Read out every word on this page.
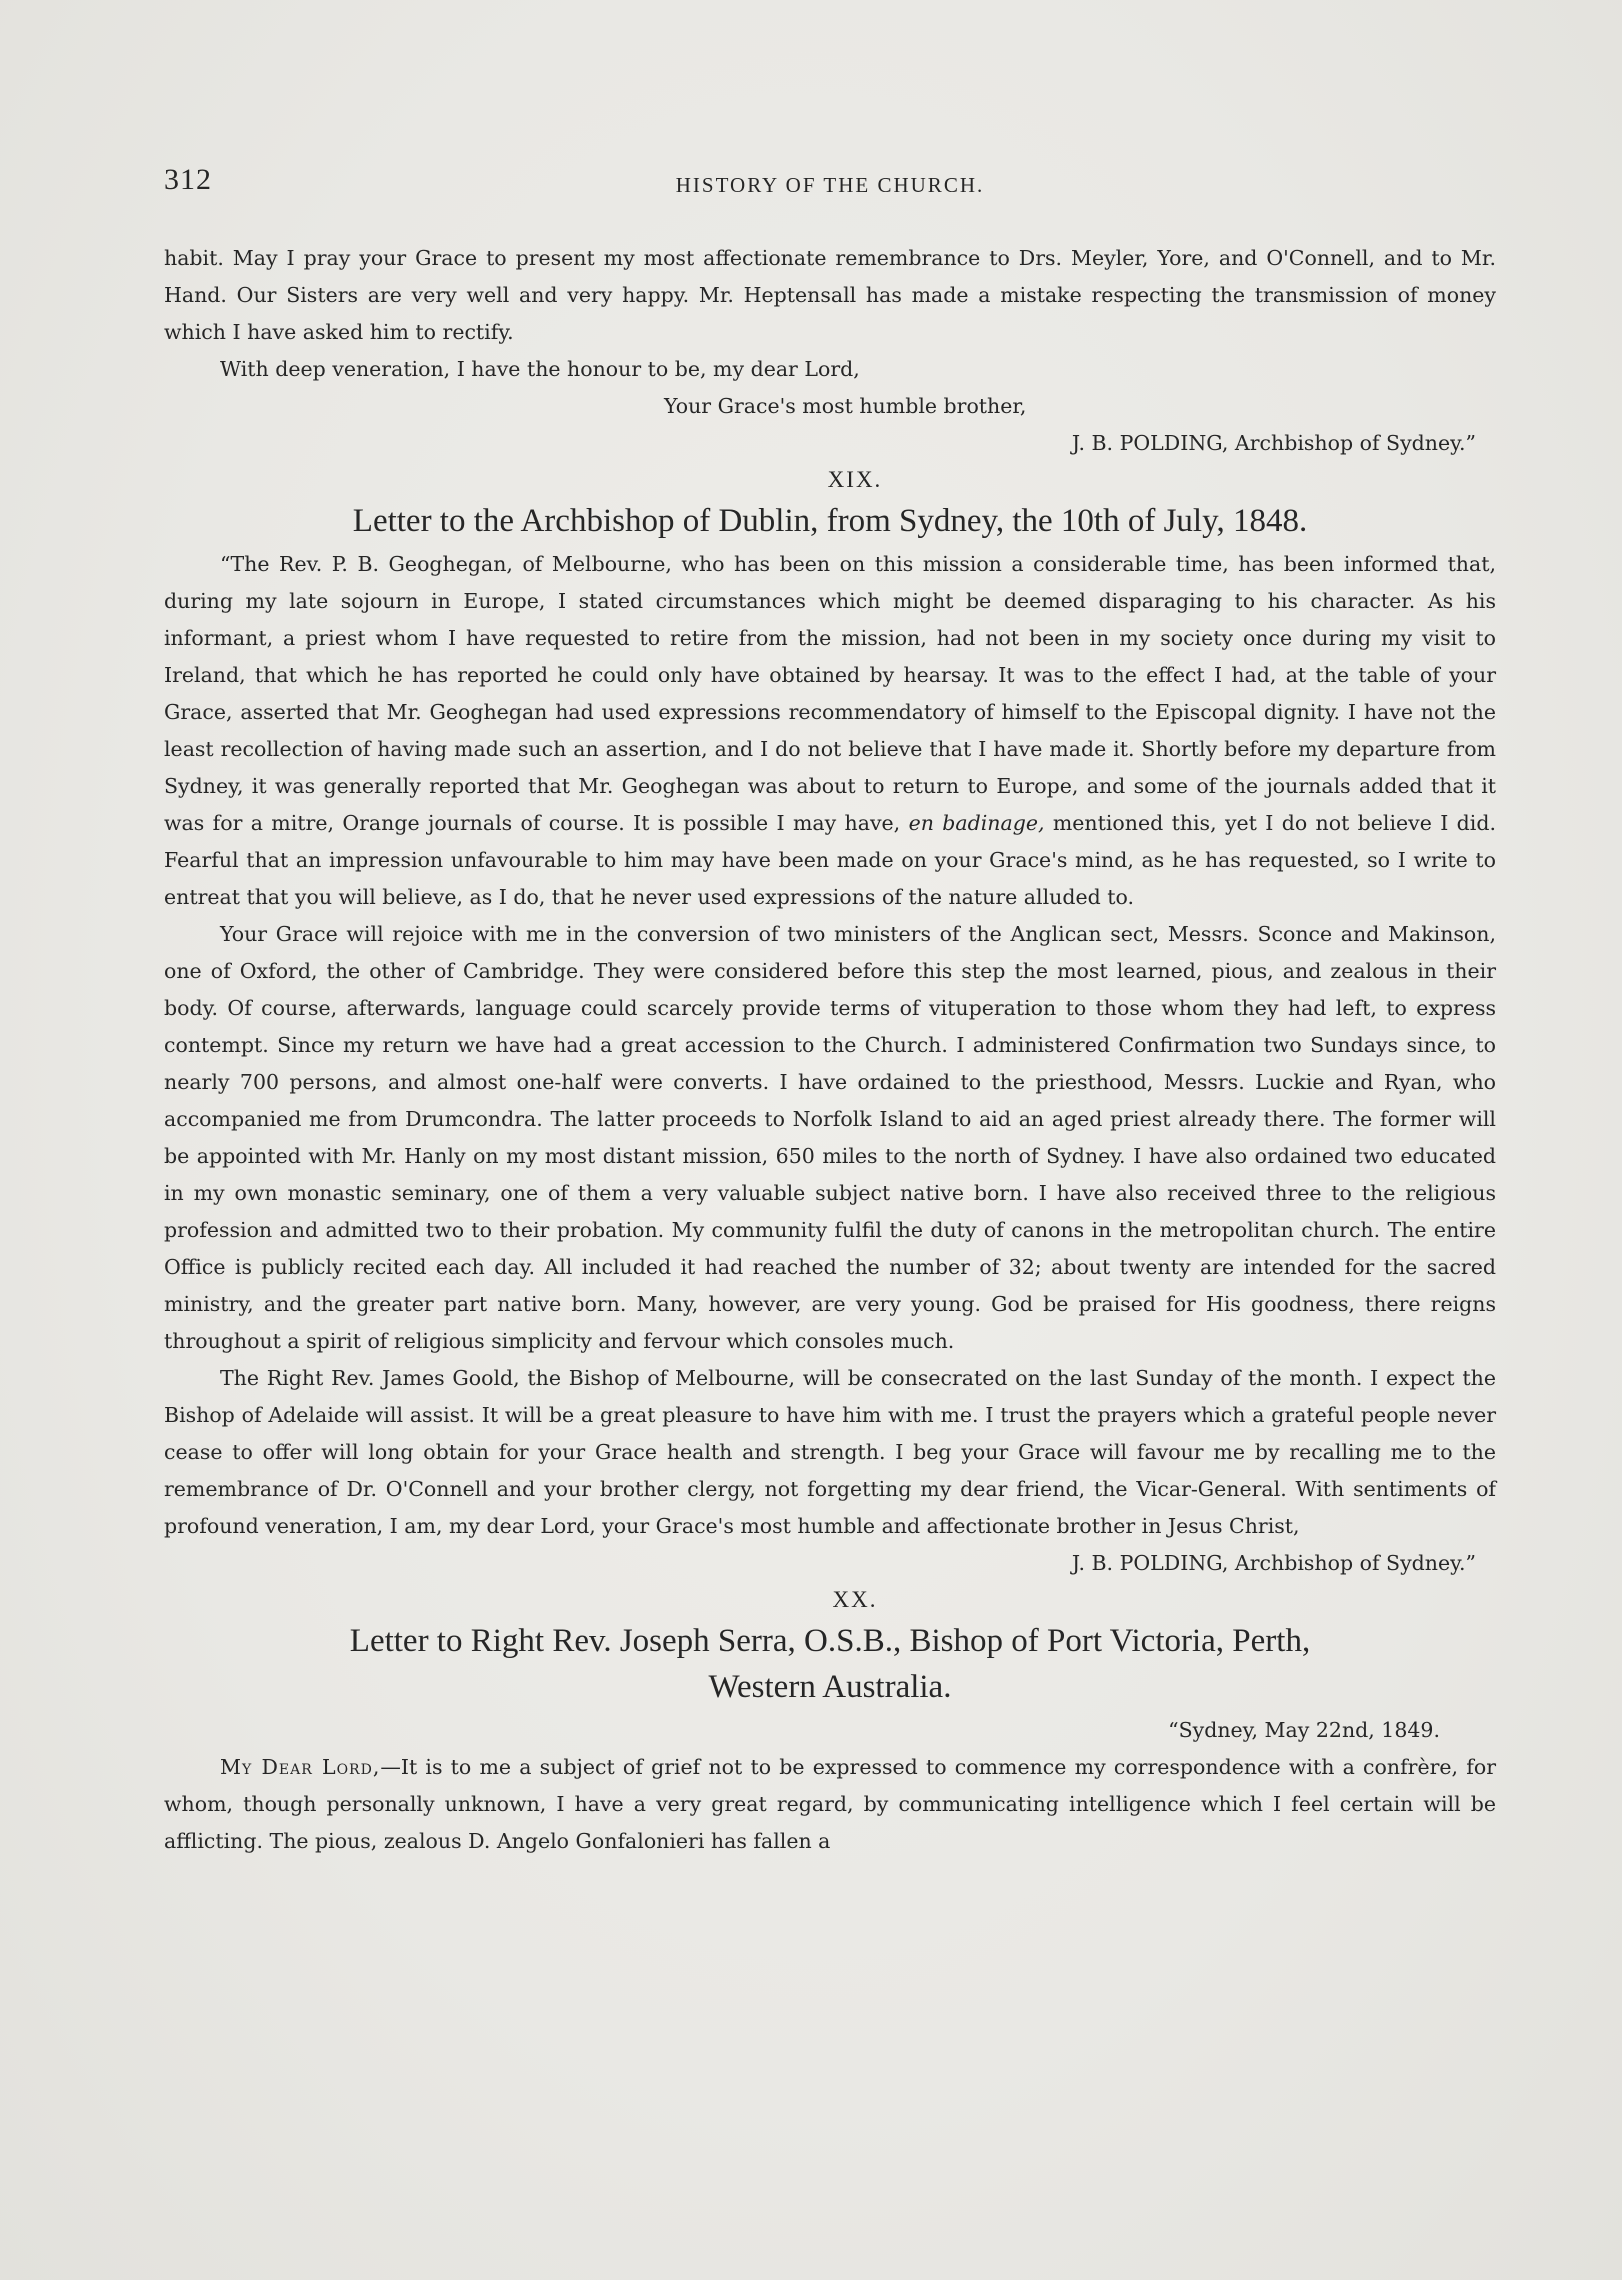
312	HISTORY OF THE CHURCH.

habit. May I pray your Grace to present my most affectionate remembrance to Drs. Meyler, Yore, and O'Connell, and to Mr. Hand. Our Sisters are very well and very happy. Mr. Heptensall has made a mistake respecting the transmission of money which I have asked him to rectify.

With deep veneration, I have the honour to be, my dear Lord,

Your Grace's most humble brother,
J. B. POLDING, Archbishop of Sydney.”
XIX.
Letter to the Archbishop of Dublin, from Sydney, the 10th of July, 1848.

“The Rev. P. B. Geoghegan, of Melbourne, who has been on this mission a considerable time, has been informed that, during my late sojourn in Europe, I stated circumstances which might be deemed disparaging to his character. As his informant, a priest whom I have requested to retire from the mission, had not been in my society once during my visit to Ireland, that which he has reported he could only have obtained by hearsay. It was to the effect I had, at the table of your Grace, asserted that Mr. Geoghegan had used expressions recommendatory of himself to the Episcopal dignity. I have not the least recollection of having made such an assertion, and I do not believe that I have made it. Shortly before my departure from Sydney, it was generally reported that Mr. Geoghegan was about to return to Europe, and some of the journals added that it was for a mitre, Orange journals of course. It is possible I may have, en badinage, mentioned this, yet I do not believe I did. Fearful that an impression unfavourable to him may have been made on your Grace's mind, as he has requested, so I write to entreat that you will believe, as I do, that he never used expressions of the nature alluded to.

Your Grace will rejoice with me in the conversion of two ministers of the Anglican sect, Messrs. Sconce and Makinson, one of Oxford, the other of Cambridge. They were considered before this step the most learned, pious, and zealous in their body. Of course, afterwards, language could scarcely provide terms of vituperation to those whom they had left, to express contempt. Since my return we have had a great accession to the Church. I administered Confirmation two Sundays since, to nearly 700 persons, and almost one-half were converts. I have ordained to the priesthood, Messrs. Luckie and Ryan, who accompanied me from Drumcondra. The latter proceeds to Norfolk Island to aid an aged priest already there. The former will be appointed with Mr. Hanly on my most distant mission, 650 miles to the north of Sydney. I have also ordained two educated in my own monastic seminary, one of them a very valuable subject native born. I have also received three to the religious profession and admitted two to their probation. My community fulfil the duty of canons in the metropolitan church. The entire Office is publicly recited each day. All included it had reached the number of 32; about twenty are intended for the sacred ministry, and the greater part native born. Many, however, are very young. God be praised for His goodness, there reigns throughout a spirit of religious simplicity and fervour which consoles much.

The Right Rev. James Goold, the Bishop of Melbourne, will be consecrated on the last Sunday of the month. I expect the Bishop of Adelaide will assist. It will be a great pleasure to have him with me. I trust the prayers which a grateful people never cease to offer will long obtain for your Grace health and strength. I beg your Grace will favour me by recalling me to the remembrance of Dr. O'Connell and your brother clergy, not forgetting my dear friend, the Vicar-General. With sentiments of profound veneration, I am, my dear Lord, your Grace's most humble and affectionate brother in Jesus Christ,

J. B. POLDING, Archbishop of Sydney.”
XX.
Letter to Right Rev. Joseph Serra, O.S.B., Bishop of Port Victoria, Perth,
Western Australia.
“Sydney, May 22nd, 1849.

My Dear Lord,—It is to me a subject of grief not to be expressed to commence my correspondence with a confrère, for whom, though personally unknown, I have a very great regard, by communicating intelligence which I feel certain will be afflicting. The pious, zealous D. Angelo Gonfalonieri has fallen a
